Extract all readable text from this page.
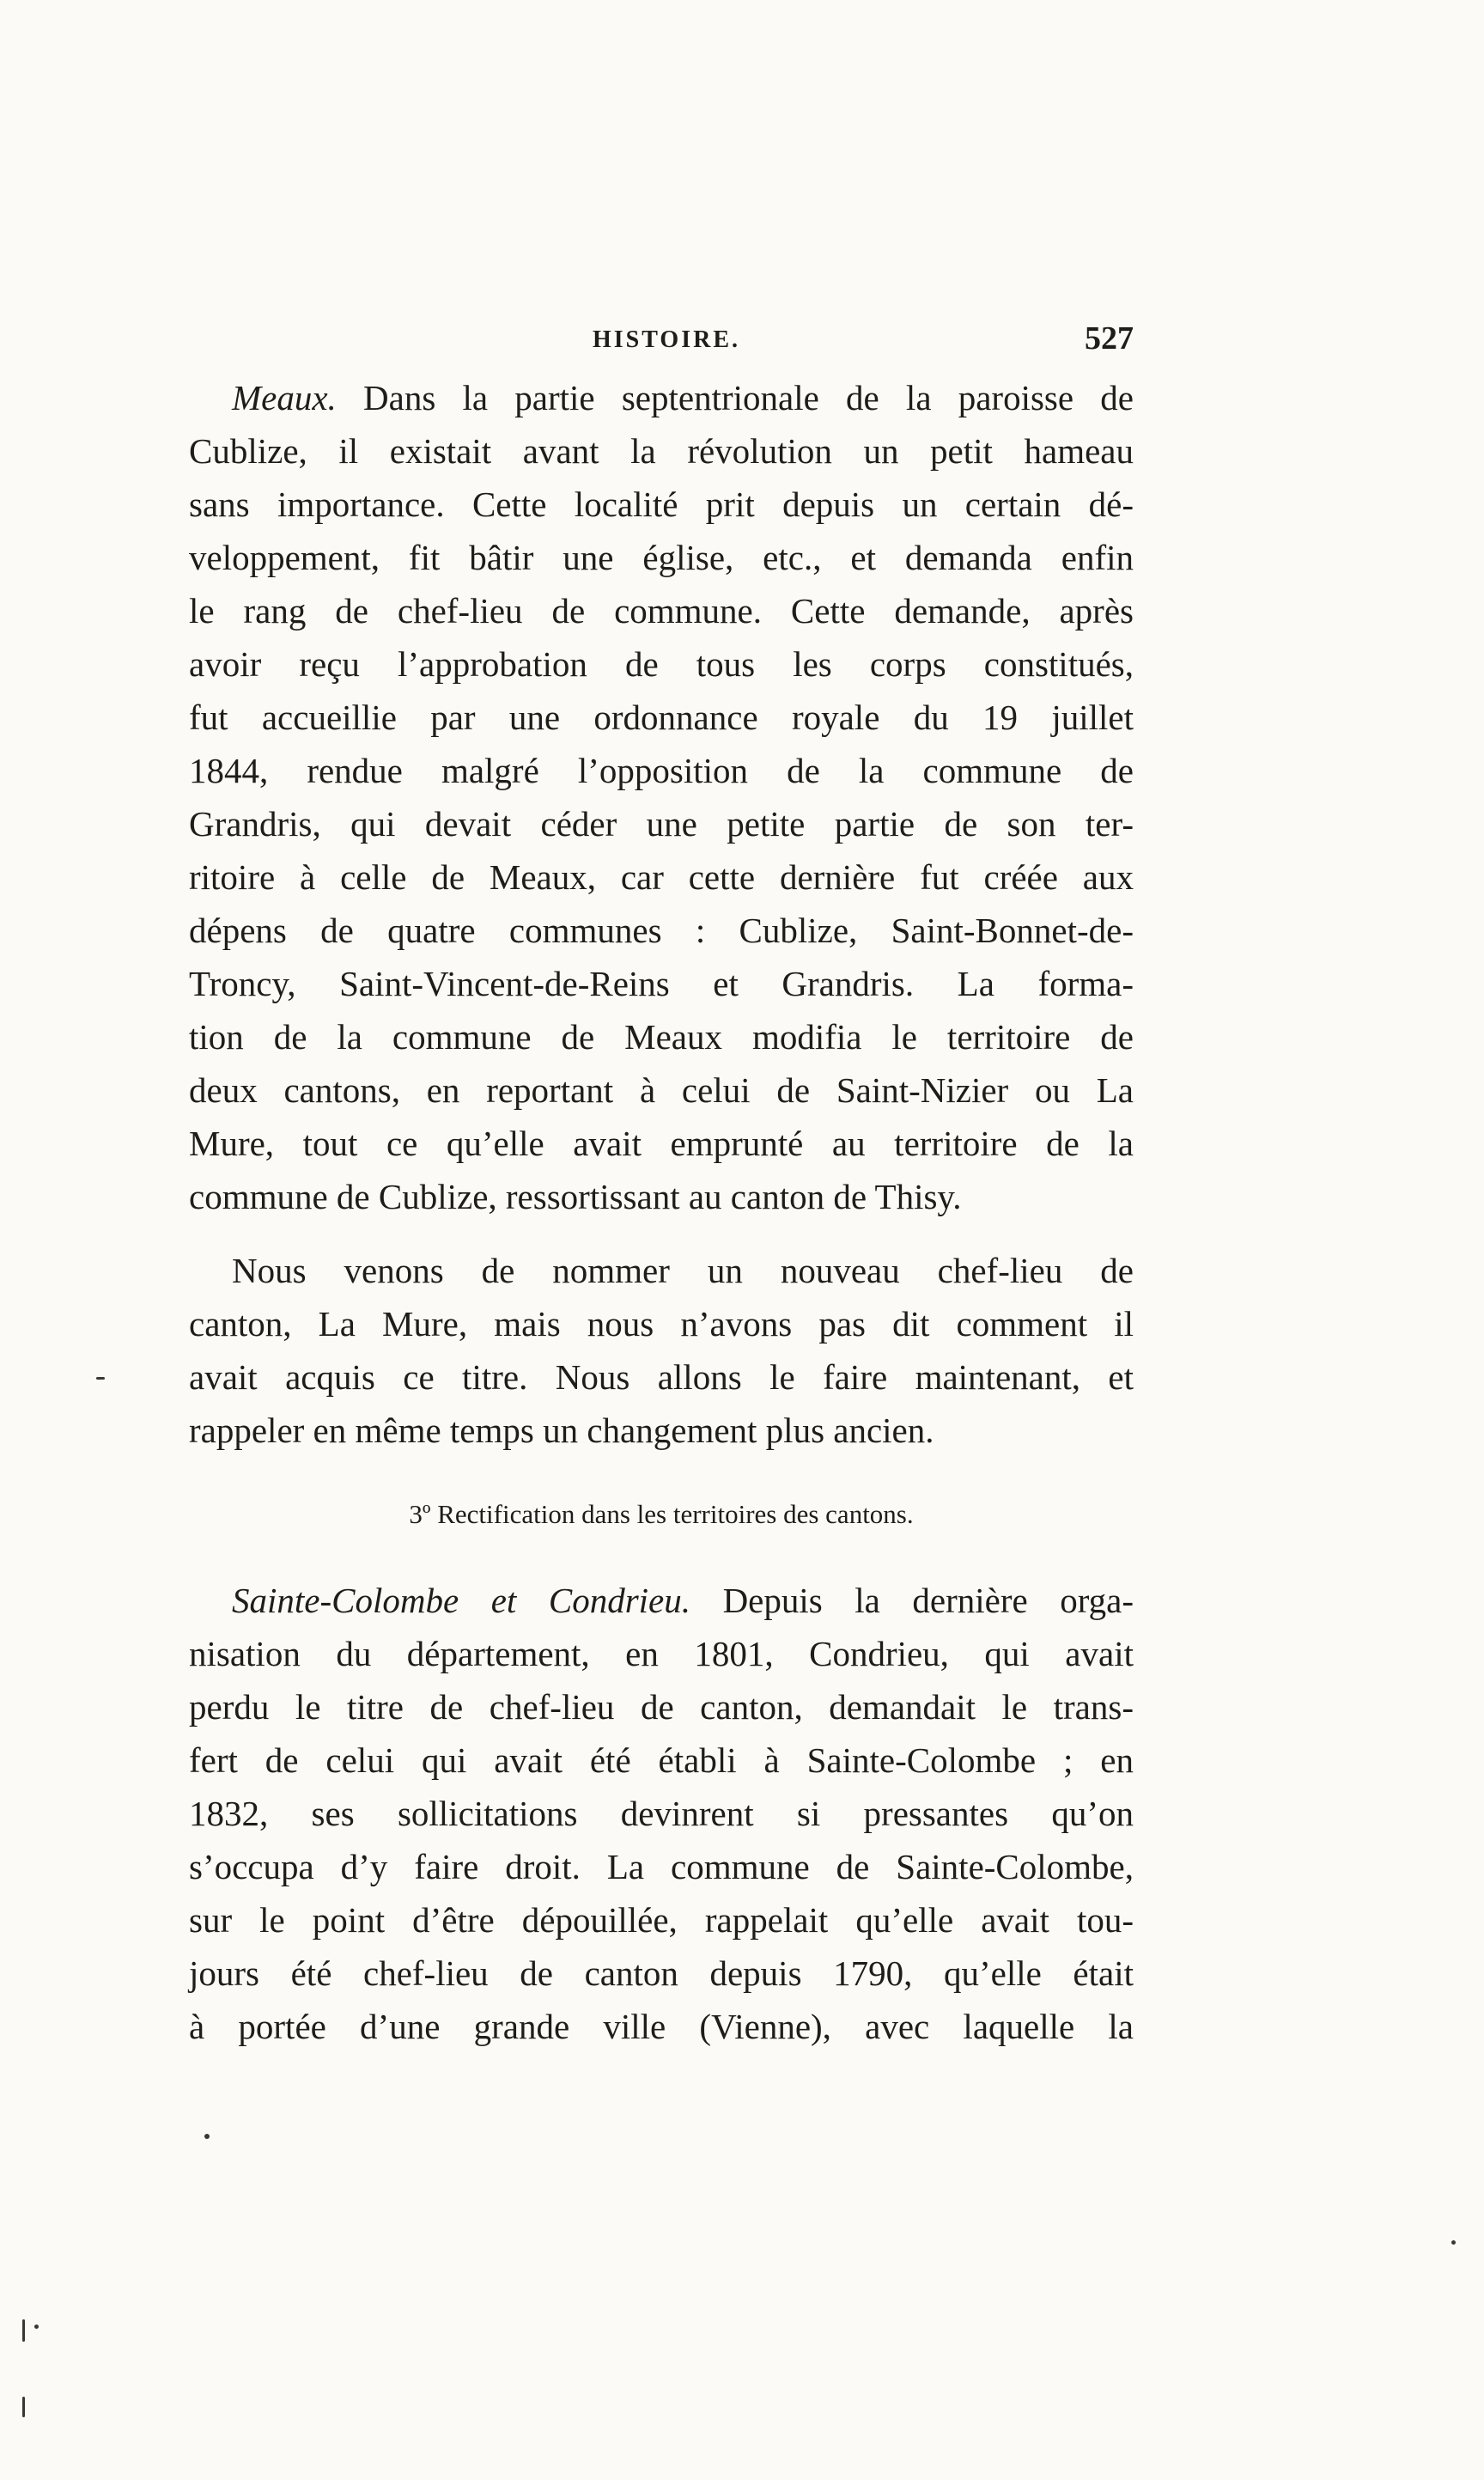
HISTOIRE.	527
Meaux. Dans la partie septentrionale de la paroisse de
Cublize, il existait avant la révolution un petit hameau
sans importance. Cette localité prit depuis un certain dé-
veloppement, fit bâtir une église, etc., et demanda enfin
le rang de chef-lieu de commune. Cette demande, après
avoir reçu l’approbation de tous les corps constitués,
fut accueillie par une ordonnance royale du 19 juillet
1844, rendue malgré l’opposition de la commune de
Grandris, qui devait céder une petite partie de son ter-
ritoire à celle de Meaux, car cette dernière fut créée aux
dépens de quatre communes : Cublize, Saint-Bonnet-de-
Troncy, Saint-Vincent-de-Reins et Grandris. La forma-
tion de la commune de Meaux modifia le territoire de
deux cantons, en reportant à celui de Saint-Nizier ou La
Mure, tout ce qu’elle avait emprunté au territoire de la
commune de Cublize, ressortissant au canton de Thisy.
Nous venons de nommer un nouveau chef-lieu de
canton, La Mure, mais nous n’avons pas dit comment il
avait acquis ce titre. Nous allons le faire maintenant, et
rappeler en même temps un changement plus ancien.
3º Rectification dans les territoires des cantons.
Sainte-Colombe et Condrieu. Depuis la dernière orga-
nisation du département, en 1801, Condrieu, qui avait
perdu le titre de chef-lieu de canton, demandait le trans-
fert de celui qui avait été établi à Sainte-Colombe ; en
1832, ses sollicitations devinrent si pressantes qu’on
s’occupa d’y faire droit. La commune de Sainte-Colombe,
sur le point d’être dépouillée, rappelait qu’elle avait tou-
jours été chef-lieu de canton depuis 1790, qu’elle était
à portée d’une grande ville (Vienne), avec laquelle la
